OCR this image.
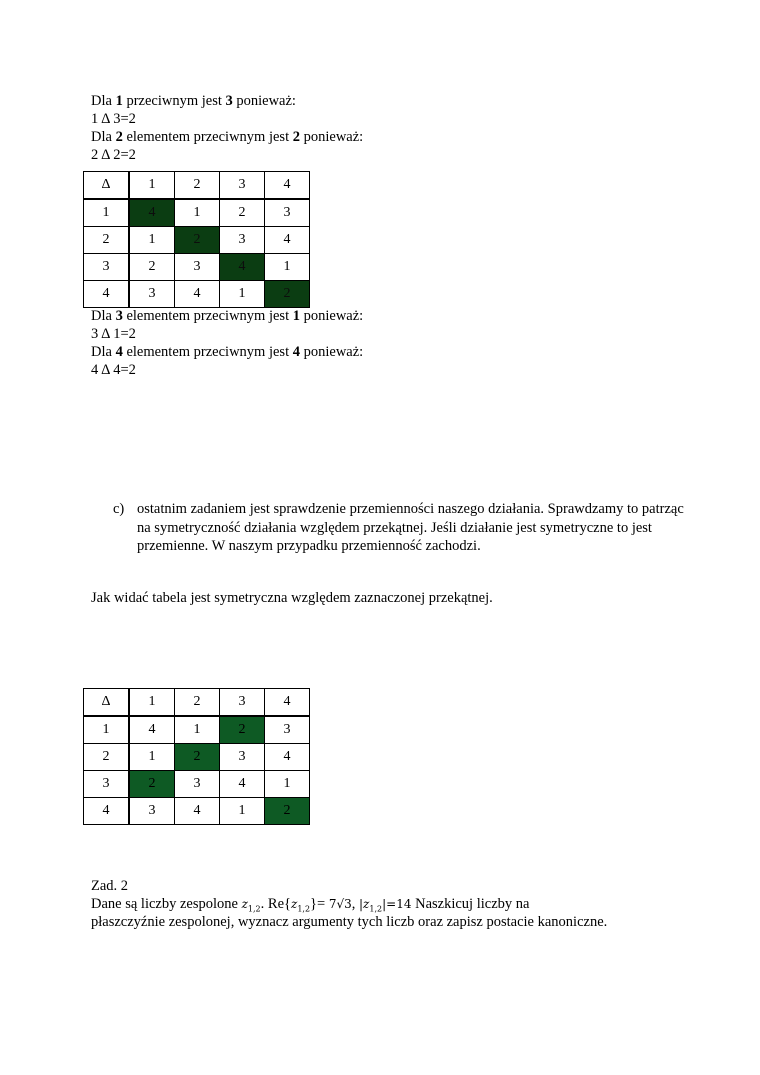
Dla 1 przeciwnym jest 3 ponieważ:
1 Δ 3=2
Dla 2 elementem przeciwnym jest 2 ponieważ:
2 Δ 2=2
Δ	1	2	3	4
1	4	1	2	3
2	1	2	3	4
3	2	3	4	1
4	3	4	1	2
Dla 3 elementem przeciwnym jest 1 ponieważ:
3 Δ 1=2
Dla 4 elementem przeciwnym jest 4 ponieważ:
4 Δ 4=2
c) ostatnim zadaniem jest sprawdzenie przemienności naszego działania. Sprawdzamy to patrząc na symetryczność działania względem przekątnej. Jeśli działanie jest symetryczne to jest przemienne. W naszym przypadku przemienność zachodzi.
Jak widać tabela jest symetryczna względem zaznaczonej przekątnej.
Δ	1	2	3	4
1	4	1	2	3
2	1	2	3	4
3	2	3	4	1
4	3	4	1	2
Zad. 2
Dane są liczby zespolone $z_{1,2}$. $Re\{z_{1,2}\}= 7√3$, $|z_{1,2}|=14$ Naszkicuj liczby na
płaszczyźnie zespolonej, wyznacz argumenty tych liczb oraz zapisz postacie kanoniczne.
